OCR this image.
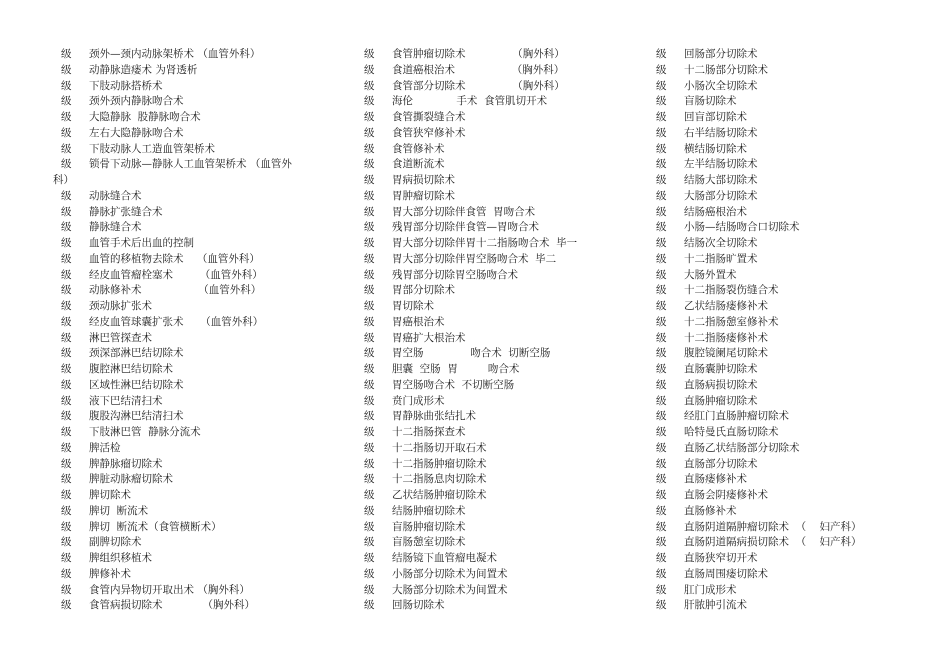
级	颈外—颈内动脉架桥术 （血管外科）
级	动静脉造瘘术 为肾透析
级	下肢动脉搭桥术
级	颈外颈内静脉吻合术
级	大隐静脉  股静脉吻合术
级	左右大隐静脉吻合术
级	下肢动脉人工造血管架桥术
级	锁骨下动脉—静脉人工血管架桥术 （血管外
科）
级	动脉缝合术
级	静脉扩张缝合术
级	静脉缝合术
级	血管手术后出血的控制
级	血管的移植物去除术    （血管外科）
级	经皮血管瘤栓塞术        （血管外科）
级	动脉修补术                 （血管外科）
级	颈动脉扩张术
级	经皮血管球囊扩张术     （血管外科）
级	淋巴管探查术
级	颈深部淋巴结切除术
级	腹腔淋巴结切除术
级	区域性淋巴结切除术
级	液下巴结清扫术
级	腹股沟淋巴结清扫术
级	下肢淋巴管  静脉分流术
级	脾活检
级	脾静脉瘤切除术
级	脾脏动脉瘤切除术
级	脾切除术
级	脾切  断流术
级	脾切  断流术（食管横断术）
级	副脾切除术
级	脾组织移植术
级	脾修补术
级	食管内异物切开取出术 （胸外科）
级	食管病损切除术            （胸外科）
级	食管肿瘤切除术              （胸外科）
级	食道癌根治术                 （胸外科）
级	食管部分切除术              （胸外科）
级	海伦             手术  食管肌切开术
级	食管撕裂缝合术
级	食管狭窄修补术
级	食管修补术
级	食道断流术
级	胃病损切除术
级	胃肿瘤切除术
级	胃大部分切除伴食管  胃吻合术
级	残胃部分切除伴食管—胃吻合术
级	胃大部分切除伴胃十二指肠吻合术  毕一
级	胃大部分切除伴胃空肠吻合术  毕二
级	残胃部分切除胃空肠吻合术
级	胃部分切除术
级	胃切除术
级	胃癌根治术
级	胃癌扩大根治术
级	胃空肠              吻合术  切断空肠
级	胆囊  空肠  胃         吻合术
级	胃空肠吻合术  不切断空肠
级	贲门成形术
级	胃静脉曲张结扎术
级	十二指肠探查术
级	十二指肠切开取石术
级	十二指肠肿瘤切除术
级	十二指肠息肉切除术
级	乙状结肠肿瘤切除术
级	结肠肿瘤切除术
级	盲肠肿瘤切除术
级	盲肠憩室切除术
级	结肠镜下血管瘤电凝术
级	小肠部分切除术为间置术
级	大肠部分切除术为间置术
级	回肠切除术
级	回肠部分切除术
级	十二肠部分切除术
级	小肠次全切除术
级	盲肠切除术
级	回盲部切除术
级	右半结肠切除术
级	横结肠切除术
级	左半结肠切除术
级	结肠大部切除术
级	大肠部分切除术
级	结肠癌根治术
级	小肠—结肠吻合口切除术
级	结肠次全切除术
级	十二指肠旷置术
级	大肠外置术
级	十二指肠裂伤缝合术
级	乙状结肠瘘修补术
级	十二指肠憩室修补术
级	十二指肠瘘修补术
级	腹腔镜阑尾切除术
级	直肠囊肿切除术
级	直肠病损切除术
级	直肠肿瘤切除术
级	经肛门直肠肿瘤切除术
级	哈特曼氏直肠切除术
级	直肠乙状结肠部分切除术
级	直肠部分切除术
级	直肠瘘修补术
级	直肠会阴瘘修补术
级	直肠修补术
级	直肠阴道隔肿瘤切除术  （    妇产科）
级	直肠阴道隔病损切除术  （    妇产科）
级	直肠狭窄切开术
级	直肠周围瘘切除术
级	肛门成形术
级	肝脓肿引流术
